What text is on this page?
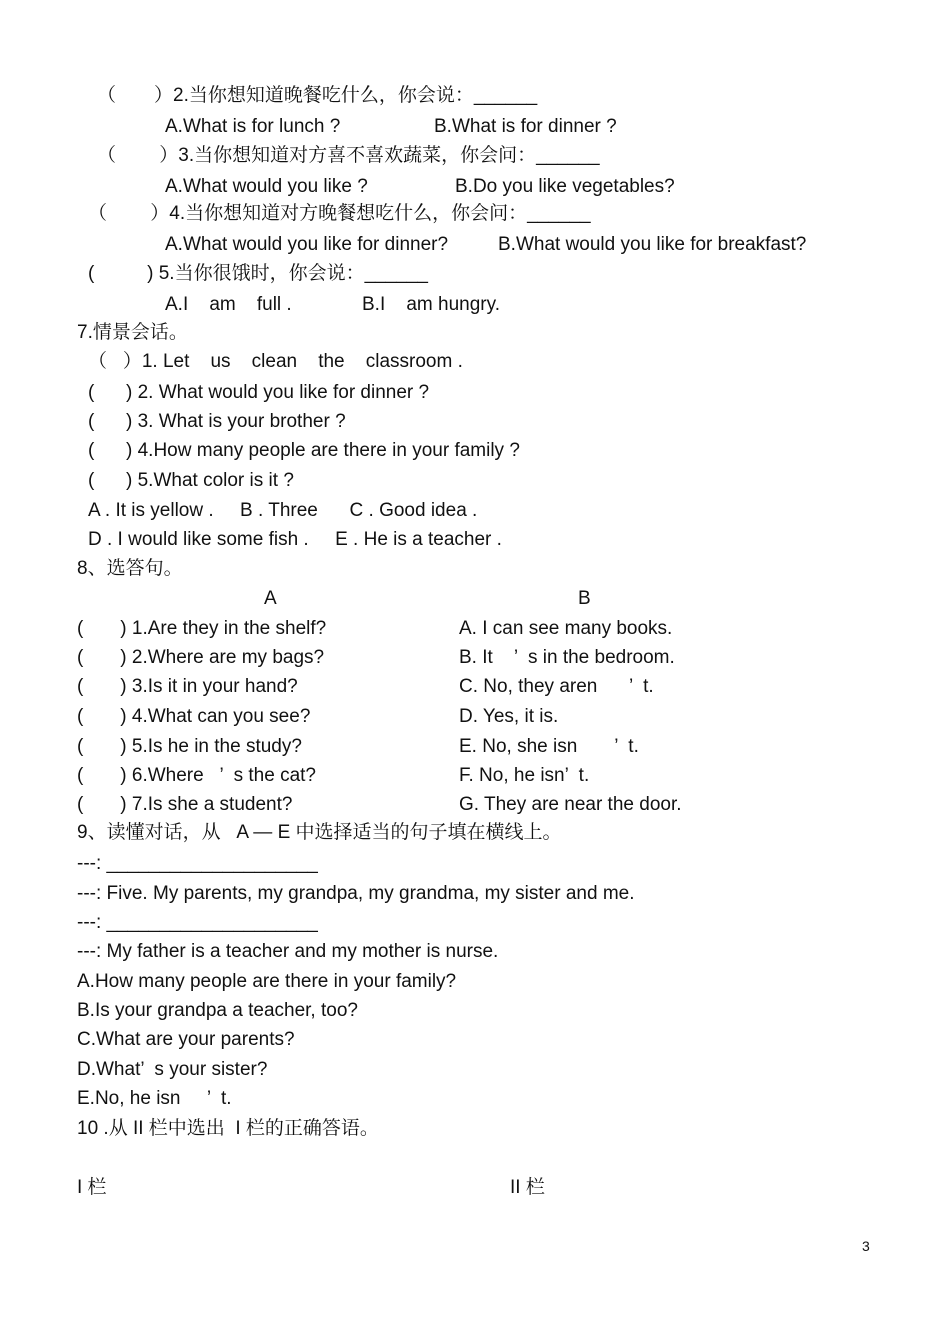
（　　）2.当你想知道晚餐吃什么，你会说：______
A.What is for lunch ?	B.What is for dinner ?
（　　 ）3.当你想知道对方喜不喜欢蔬菜，你会问：______
A.What would you like ?	B.Do you like vegetables?
（　　 ）4.当你想知道对方晚餐想吃什么，你会问：______
A.What would you like for dinner?	B.What would you like for breakfast?
(          ) 5.当你很饿时，你会说：______
A.I    am    full .	B.I    am hungry.
7.情景会话。
（   ）1. Let    us    clean    the    classroom .
(      ) 2. What would you like for dinner ?
(      ) 3. What is your brother ?
(      ) 4.How many people are there in your family ?
(      ) 5.What color is it ?
A . It is yellow .     B . Three      C . Good idea .
D . I would like some fish .     E . He is a teacher .
8、选答句。
A	B
(       ) 1.Are they in the shelf?	A. I can see many books.
(       ) 2.Where are my bags?	B. It    ’  s in the bedroom.
(       ) 3.Is it in your hand?	C. No, they aren      ’  t.
(       ) 4.What can you see?	D. Yes, it is.
(       ) 5.Is he in the study?	E. No, she isn       ’  t.
(       ) 6.Where   ’  s the cat?	F. No, he isn’  t.
(       ) 7.Is she a student?	G. They are near the door.
9、读懂对话，从   A — E 中选择适当的句子填在横线上。
---: ____________________
---: Five. My parents, my grandpa, my grandma, my sister and me.
---: ____________________
---: My father is a teacher and my mother is nurse.
A.How many people are there in your family?
B.Is your grandpa a teacher, too?
C.What are your parents?
D.What’  s your sister?
E.No, he isn     ’  t.
10 .从 II 栏中选出  I 栏的正确答语。
I 栏	II 栏
3
